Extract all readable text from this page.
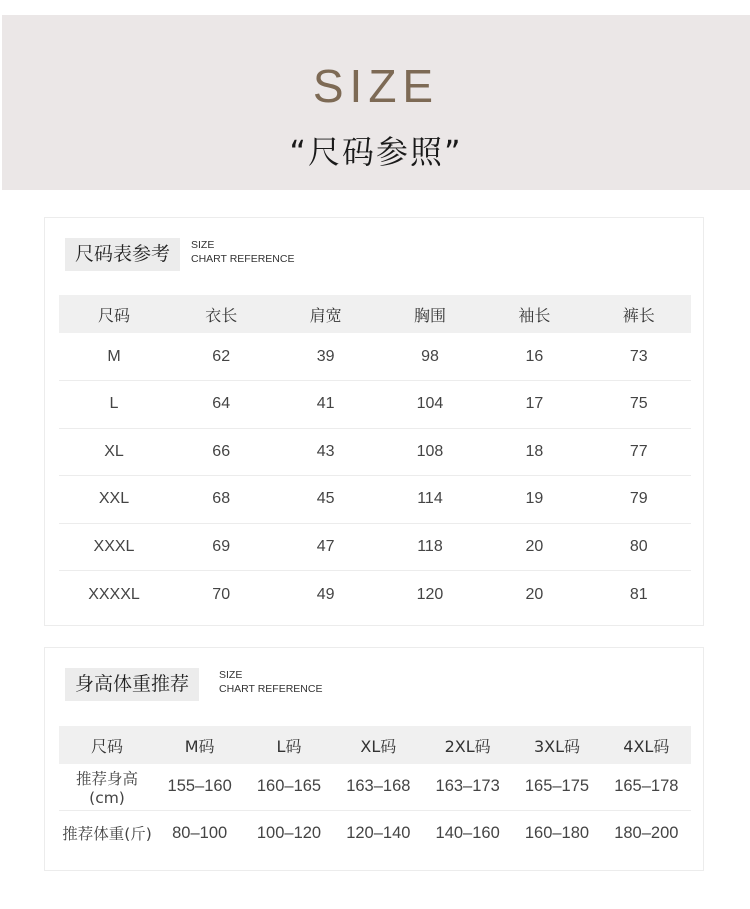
SIZE
“尺码参照”
尺码表参考	SIZE
CHART REFERENCE
尺码	衣长	肩宽	胸围	袖长	裤长
M	62	39	98	16	73
L	64	41	104	17	75
XL	66	43	108	18	77
XXL	68	45	114	19	79
XXXL	69	47	118	20	80
XXXXL	70	49	120	20	81
身高体重推荐	SIZE
CHART REFERENCE
尺码	M码	L码	XL码	2XL码	3XL码	4XL码
推荐身高(cm)	155–160	160–165	163–168	163–173	165–175	165–178
推荐体重(斤)	80–100	100–120	120–140	140–160	160–180	180–200
